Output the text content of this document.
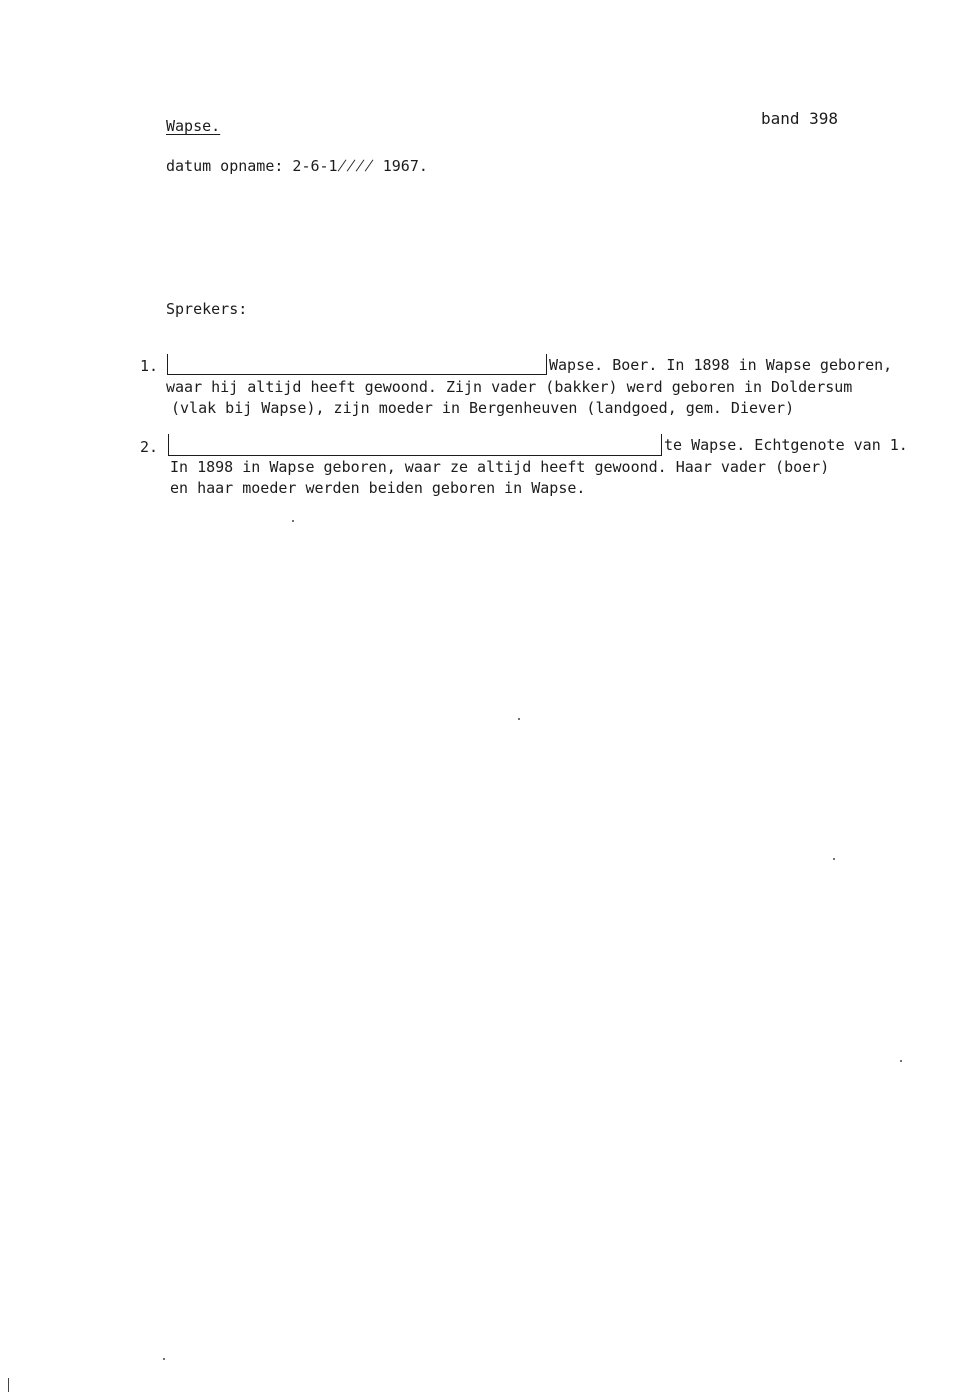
Wapse.	band 398
datum opname: 2-6-1̸̸̸̸ 1967.
Sprekers:
1.	Wapse. Boer. In 1898 in Wapse geboren,
waar hij altijd heeft gewoond. Zijn vader (bakker) werd geboren in Doldersum
(vlak bij Wapse), zijn moeder in Bergenheuven (landgoed, gem. Diever)
2.	te Wapse. Echtgenote van 1.
In 1898 in Wapse geboren, waar ze altijd heeft gewoond. Haar vader (boer)
en haar moeder werden beiden geboren in Wapse.
